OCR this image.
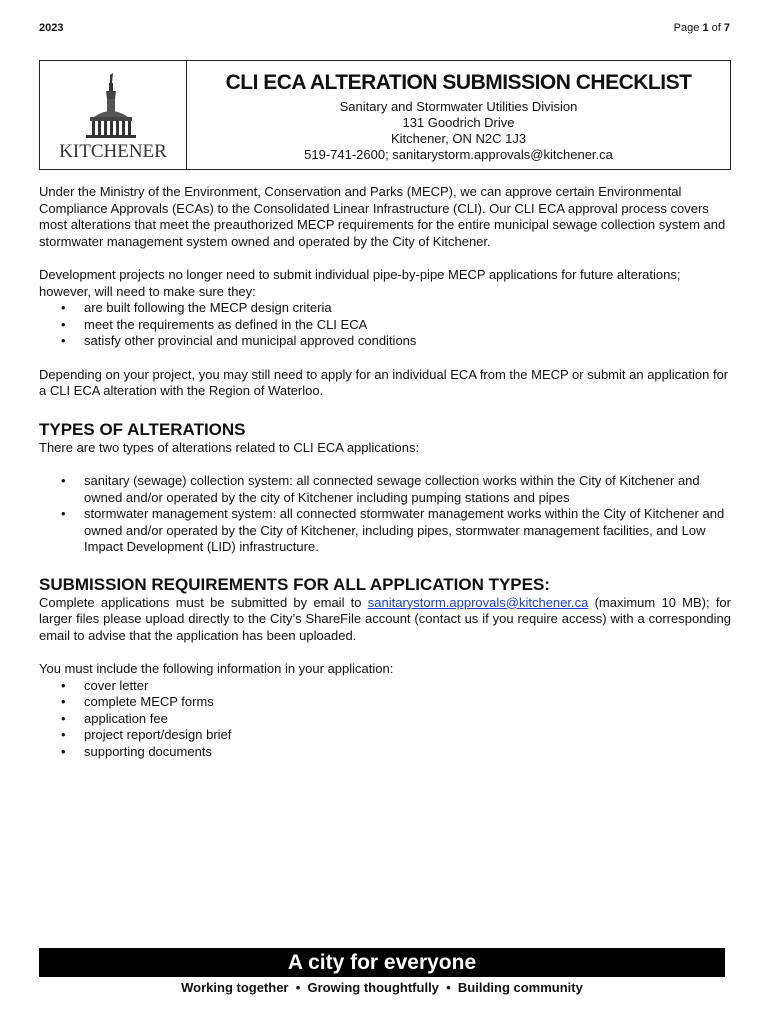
2023	Page 1 of 7
KITCHENER
CLI ECA ALTERATION SUBMISSION CHECKLIST
Sanitary and Stormwater Utilities Division
131 Goodrich Drive
Kitchener, ON N2C 1J3
519-741-2600; sanitarystorm.approvals@kitchener.ca

Under the Ministry of the Environment, Conservation and Parks (MECP), we can approve certain Environmental Compliance Approvals (ECAs) to the Consolidated Linear Infrastructure (CLI). Our CLI ECA approval process covers most alterations that meet the preauthorized MECP requirements for the entire municipal sewage collection system and stormwater management system owned and operated by the City of Kitchener.

Development projects no longer need to submit individual pipe-by-pipe MECP applications for future alterations; however, will need to make sure they:

• are built following the MECP design criteria
• meet the requirements as defined in the CLI ECA
• satisfy other provincial and municipal approved conditions

Depending on your project, you may still need to apply for an individual ECA from the MECP or submit an application for a CLI ECA alteration with the Region of Waterloo.

TYPES OF ALTERATIONS

There are two types of alterations related to CLI ECA applications:

• sanitary (sewage) collection system: all connected sewage collection works within the City of Kitchener and owned and/or operated by the city of Kitchener including pumping stations and pipes
• stormwater management system: all connected stormwater management works within the City of Kitchener and owned and/or operated by the City of Kitchener, including pipes, stormwater management facilities, and Low Impact Development (LID) infrastructure.
SUBMISSION REQUIREMENTS FOR ALL APPLICATION TYPES:

Complete applications must be submitted by email to sanitarystorm.approvals@kitchener.ca (maximum 10 MB); for larger files please upload directly to the City’s ShareFile account (contact us if you require access) with a corresponding email to advise that the application has been uploaded.

You must include the following information in your application:

• cover letter
• complete MECP forms
• application fee
• project report/design brief
• supporting documents
A city for everyone
Working together  •  Growing thoughtfully  •  Building community
